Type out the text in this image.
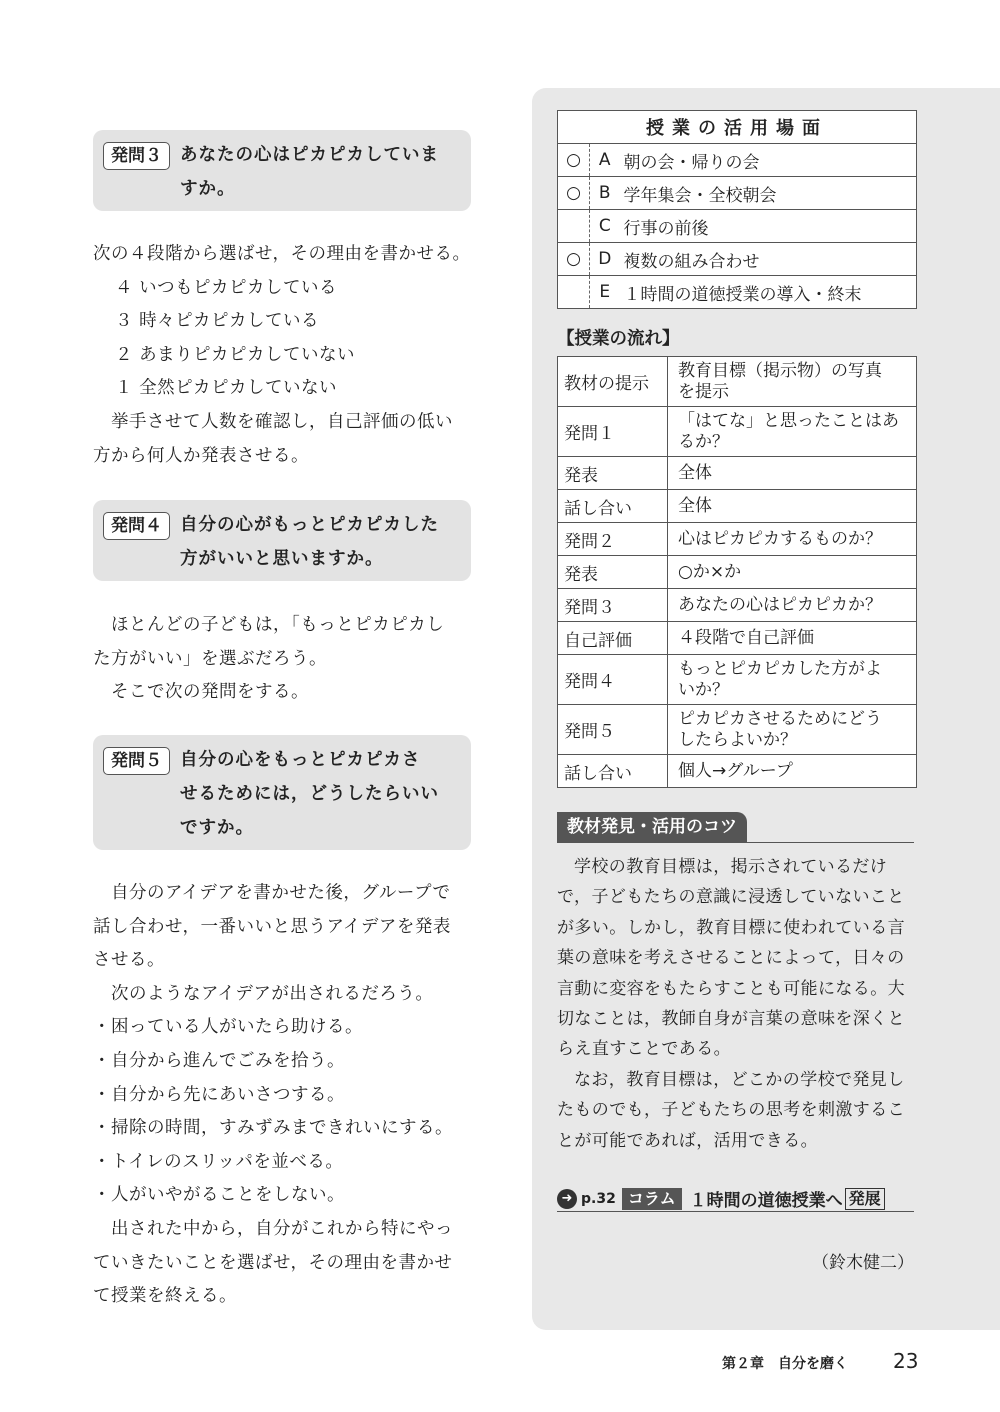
発問３	あなたの心はピカピカしていま
すか。

次の４段階から選ばせ，その理由を書かせる。

４ いつもピカピカしている

３ 時々ピカピカしている

２ あまりピカピカしていない

１ 全然ピカピカしていない

挙手させて人数を確認し，自己評価の低い

方から何人か発表させる。

発問４	自分の心がもっとピカピカした
方がいいと思いますか。

ほとんどの子どもは，「もっとピカピカし

た方がいい」を選ぶだろう。

そこで次の発問をする。

発問５	自分の心をもっとピカピカさ
せるためには，どうしたらいい
ですか。

自分のアイデアを書かせた後，グループで

話し合わせ，一番いいと思うアイデアを発表

させる。

次のようなアイデアが出されるだろう。

・困っている人がいたら助ける。

・自分から進んでごみを拾う。

・自分から先にあいさつする。

・掃除の時間，すみずみまできれいにする。

・トイレのスリッパを並べる。

・人がいやがることをしない。

出された中から，自分がこれから特にやっ

ていきたいことを選ばせ，その理由を書かせ

て授業を終える。

授業の活用場面		
○	A	朝の会・帰りの会
○	B	学年集会・全校朝会
	C	行事の前後
○	D	複数の組み合わせ
	E	１時間の道徳授業の導入・終末
【授業の流れ】
教材の提示	教育目標（掲示物）の写真
を提示

発問１	「はてな」と思ったことはあ
るか？

発表	全体
話し合い	全体
発問２	心はピカピカするものか？
発表	○か×か
発問３	あなたの心はピカピカか？
自己評価	４段階で自己評価
発問４	もっとピカピカした方がよ
いか？

発問５	ピカピカさせるためにどう
したらよいか？

話し合い	個人→グループ
教材発見・活用のコツ

学校の教育目標は，掲示されているだけで，子どもたちの意識に浸透していないことが多い。しかし，教育目標に使われている言葉の意味を考えさせることによって，日々の言動に変容をもたらすことも可能になる。大切なことは，教師自身が言葉の意味を深くとらえ直すことである。

なお，教育目標は，どこかの学校で発見したものでも，子どもたちの思考を刺激することが可能であれば，活用できる。

➜ p.32 コラム １時間の道徳授業へ 発展
（鈴木健二）
第２章　自分を磨く 23
